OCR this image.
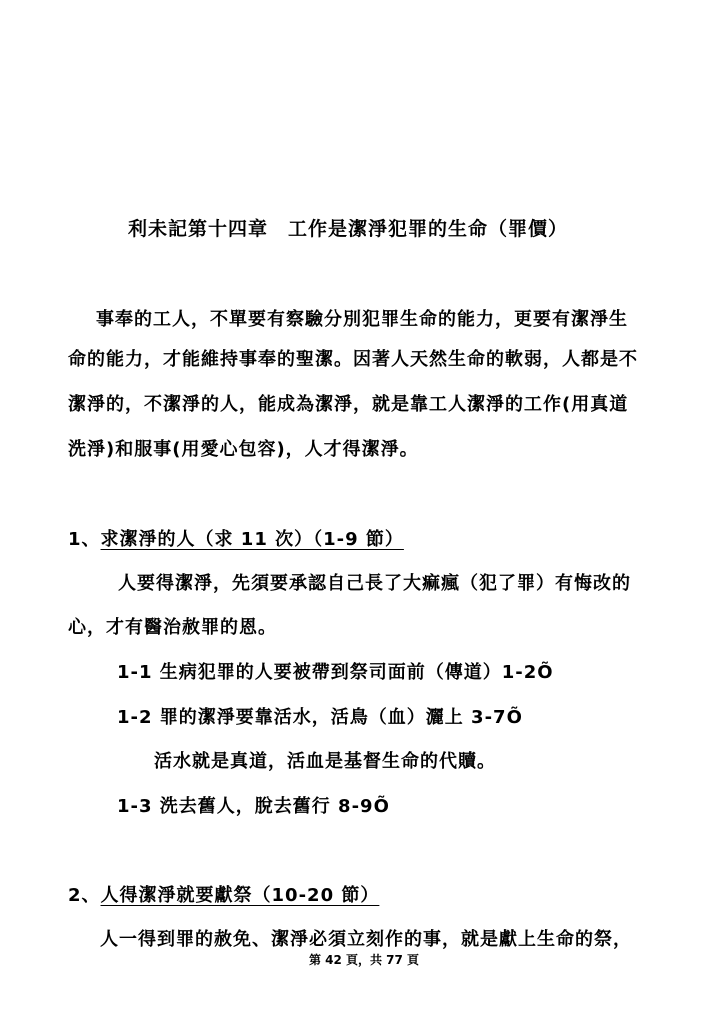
利未記第十四章　工作是潔淨犯罪的生命（罪價）
事奉的工人，不單要有察驗分別犯罪生命的能力，更要有潔淨生
命的能力，才能維持事奉的聖潔。因著人天然生命的軟弱，人都是不
潔淨的，不潔淨的人，能成為潔淨，就是靠工人潔淨的工作(用真道
洗淨)和服事(用愛心包容)，人才得潔淨。
1、求潔淨的人（求 11 次）（1-9 節）
人要得潔淨，先須要承認自己長了大痲瘋（犯了罪）有悔改的
心，才有醫治赦罪的恩。
1-1 生病犯罪的人要被帶到祭司面前（傳道）1-2Õ
1-2 罪的潔淨要靠活水，活鳥（血）灑上 3-7Õ
活水就是真道，活血是基督生命的代贖。
1-3 洗去舊人，脫去舊行 8-9Õ
2、人得潔淨就要獻祭（10-20 節）
人一得到罪的赦免、潔淨必須立刻作的事，就是獻上生命的祭，
第 42 頁，共 77 頁
